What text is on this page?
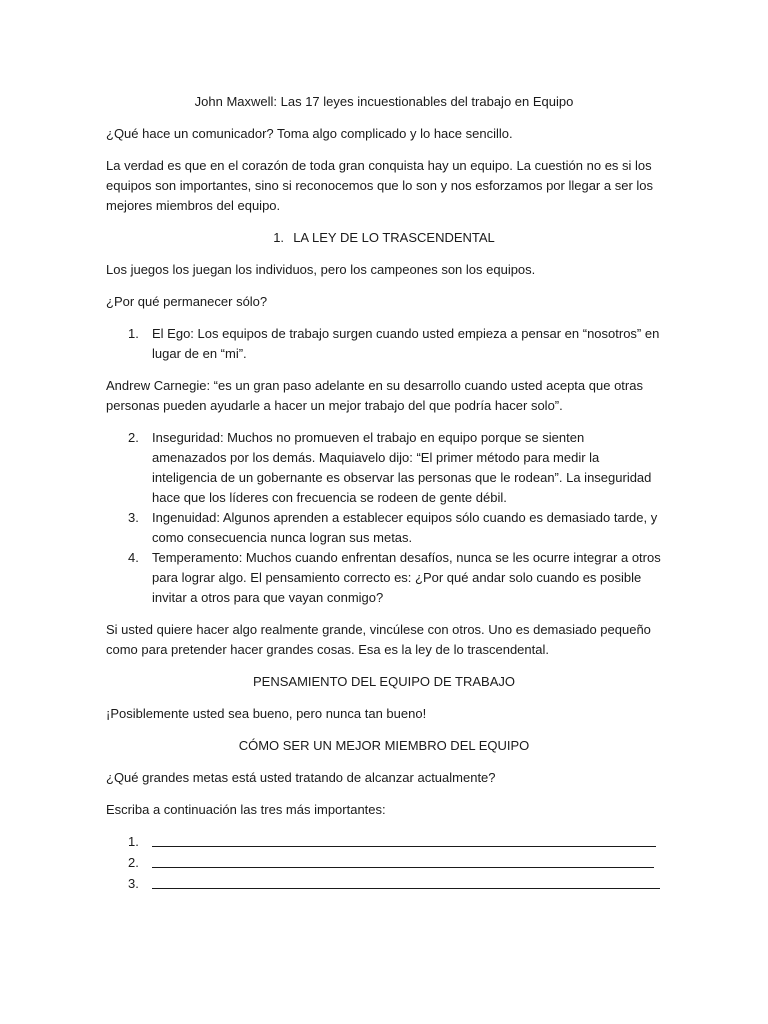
John Maxwell: Las 17 leyes incuestionables del trabajo en Equipo

¿Qué hace un comunicador? Toma algo complicado y lo hace sencillo.

La verdad es que en el corazón de toda gran conquista hay un equipo. La cuestión no es si los equipos son importantes, sino si reconocemos que lo son y nos esforzamos por llegar a ser los mejores miembros del equipo.

1. LA LEY DE LO TRASCENDENTAL

Los juegos los juegan los individuos, pero los campeones son los equipos.

¿Por qué permanecer sólo?

1. El Ego: Los equipos de trabajo surgen cuando usted empieza a pensar en “nosotros” en lugar de en “mi”.

Andrew Carnegie: “es un gran paso adelante en su desarrollo cuando usted acepta que otras personas pueden ayudarle a hacer un mejor trabajo del que podría hacer solo”.

2. Inseguridad: Muchos no promueven el trabajo en equipo porque se sienten amenazados por los demás. Maquiavelo dijo: “El primer método para medir la inteligencia de un gobernante es observar las personas que le rodean”. La inseguridad hace que los líderes con frecuencia se rodeen de gente débil.
3. Ingenuidad: Algunos aprenden a establecer equipos sólo cuando es demasiado tarde, y como consecuencia nunca logran sus metas.
4. Temperamento: Muchos cuando enfrentan desafíos, nunca se les ocurre integrar a otros para lograr algo. El pensamiento correcto es: ¿Por qué andar solo cuando es posible invitar a otros para que vayan conmigo?

Si usted quiere hacer algo realmente grande, vincúlese con otros. Uno es demasiado pequeño como para pretender hacer grandes cosas. Esa es la ley de lo trascendental.

PENSAMIENTO DEL EQUIPO DE TRABAJO

¡Posiblemente usted sea bueno, pero nunca tan bueno!

CÓMO SER UN MEJOR MIEMBRO DEL EQUIPO

¿Qué grandes metas está usted tratando de alcanzar actualmente?

Escriba a continuación las tres más importantes:

1.
2.
3.
